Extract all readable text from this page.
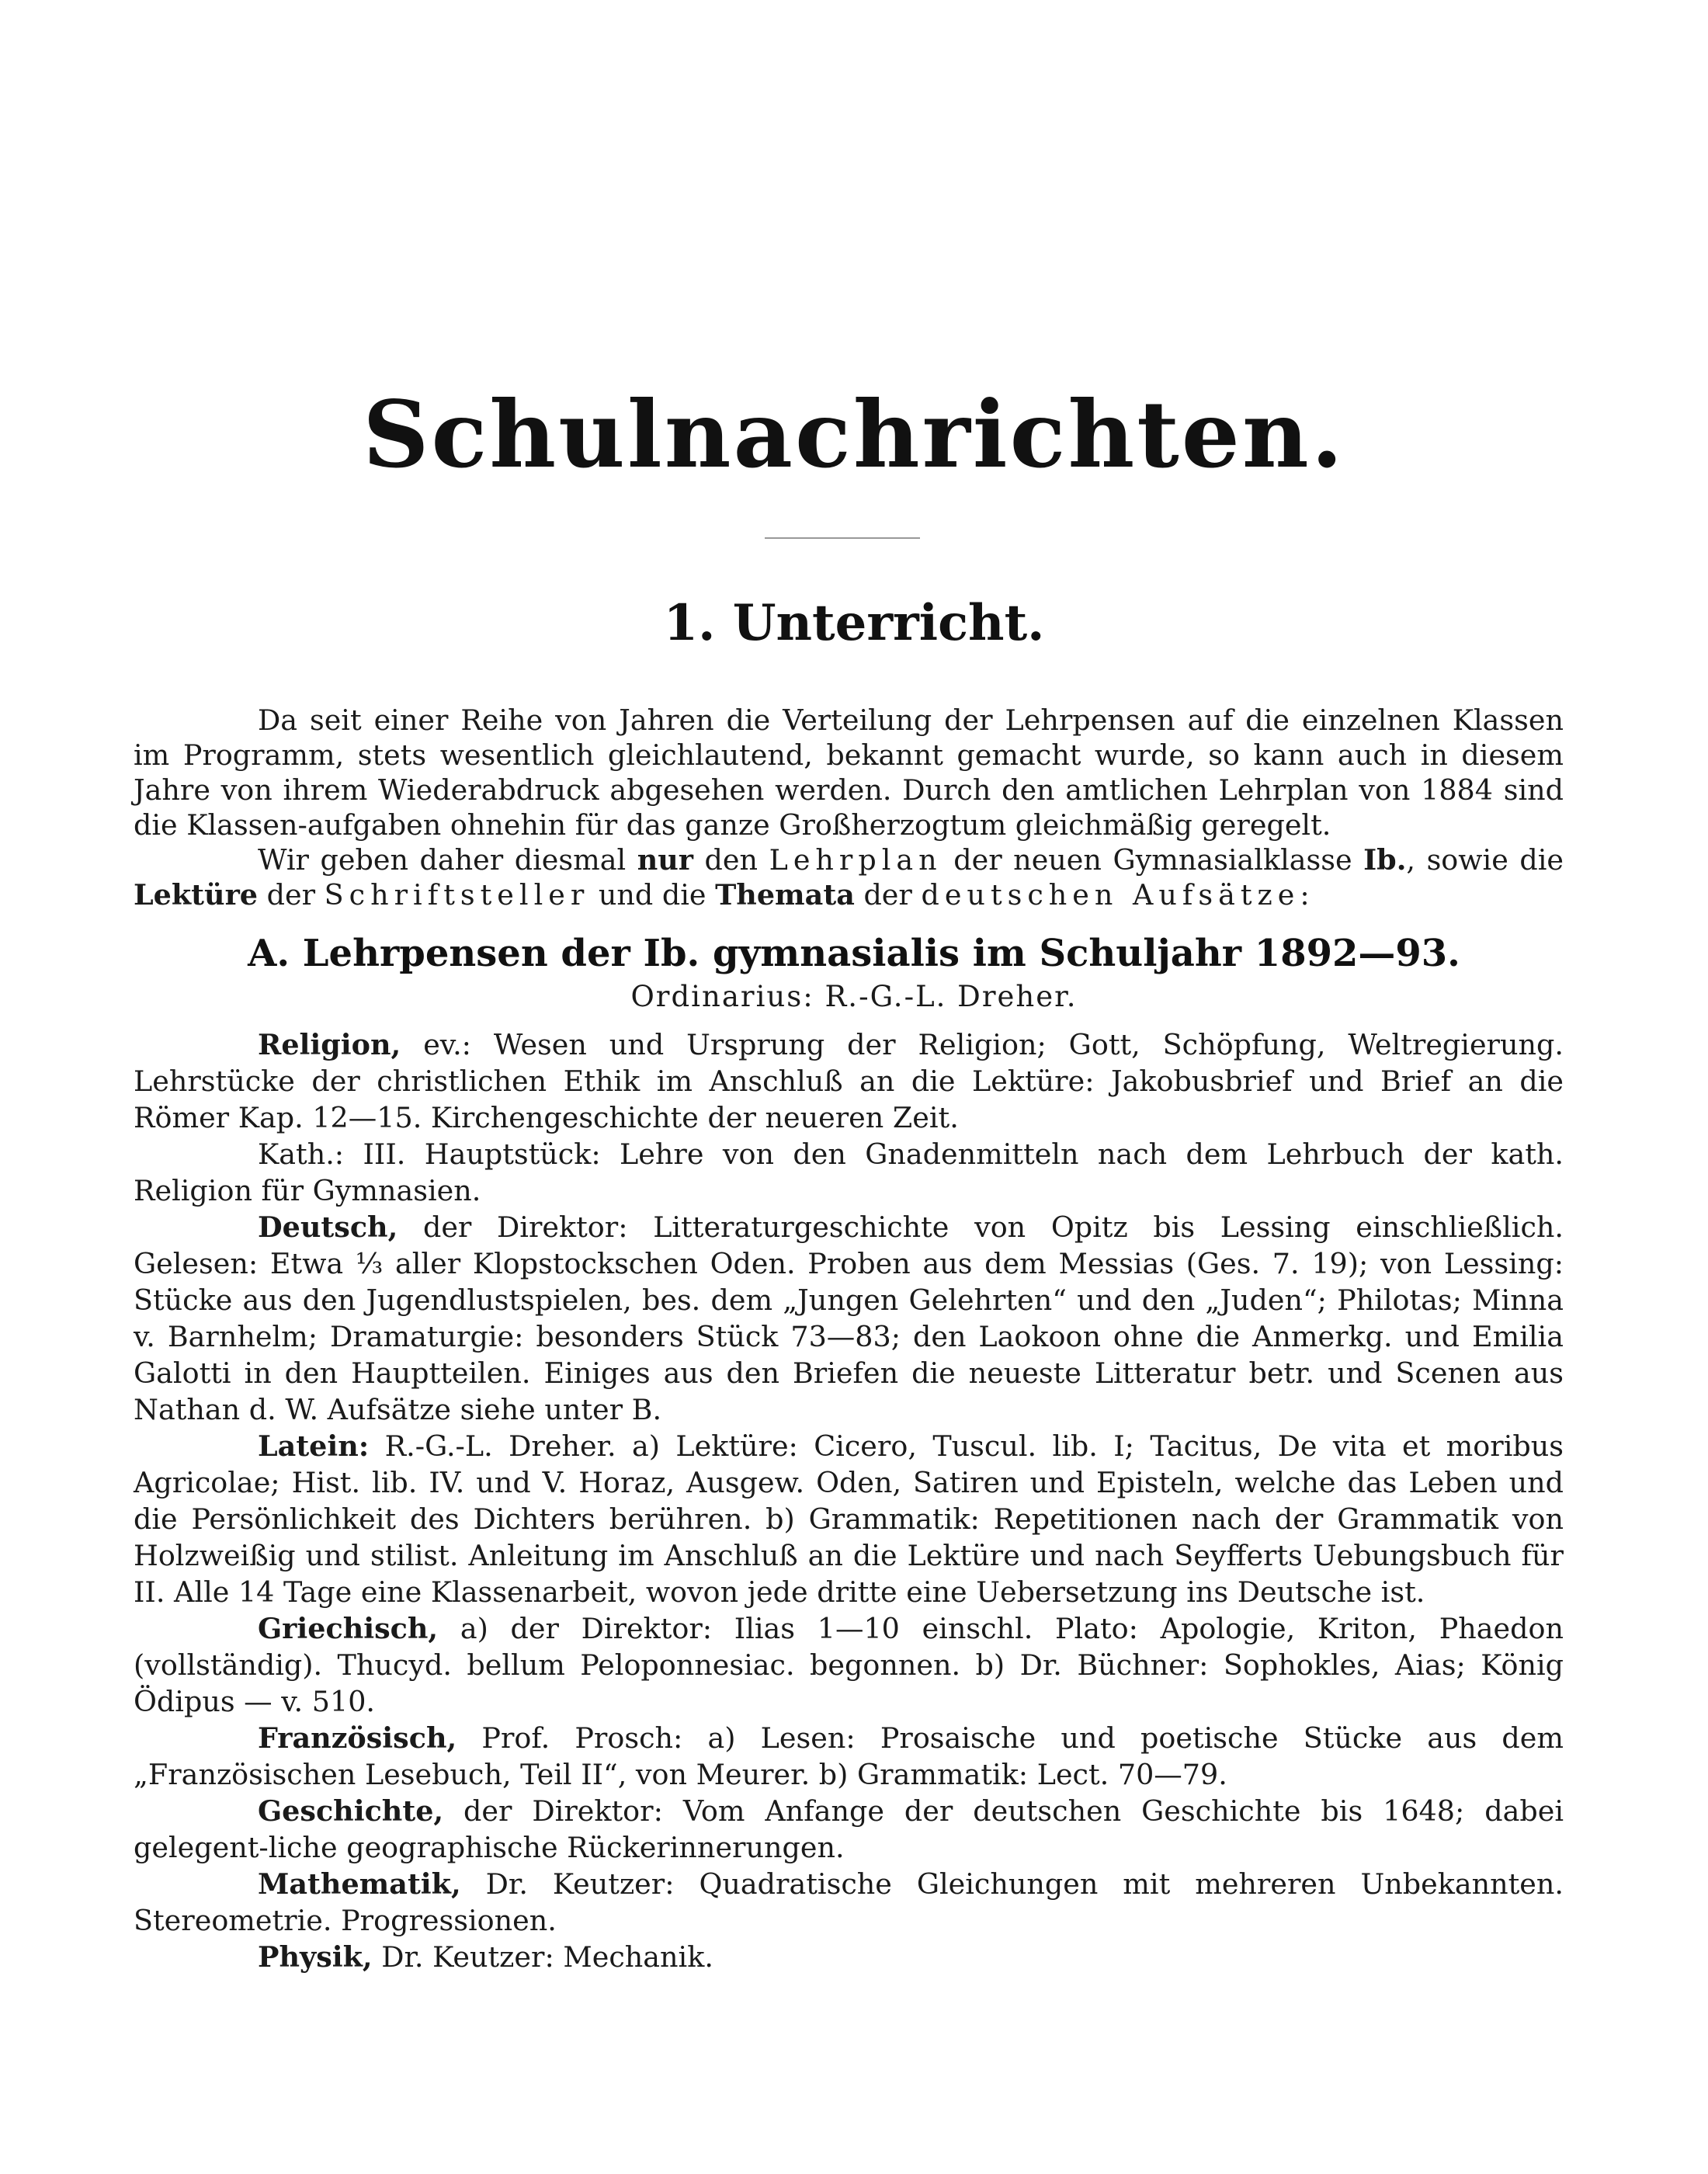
Schulnachrichten.
1. Unterricht.

Da seit einer Reihe von Jahren die Verteilung der Lehrpensen auf die einzelnen Klassen im Programm, stets wesentlich gleichlautend, bekannt gemacht wurde, so kann auch in diesem Jahre von ihrem Wiederabdruck abgesehen werden. Durch den amtlichen Lehrplan von 1884 sind die Klassen-aufgaben ohnehin für das ganze Großherzogtum gleichmäßig geregelt.

Wir geben daher diesmal nur den Lehrplan der neuen Gymnasialklasse Ib., sowie die Lektüre der Schriftsteller und die Themata der deutschen Aufsätze:

A. Lehrpensen der Ib. gymnasialis im Schuljahr 1892—93.
Ordinarius: R.-G.-L. Dreher.

Religion, ev.: Wesen und Ursprung der Religion; Gott, Schöpfung, Weltregierung. Lehrstücke der christlichen Ethik im Anschluß an die Lektüre: Jakobusbrief und Brief an die Römer Kap. 12—15. Kirchengeschichte der neueren Zeit.

Kath.: III. Hauptstück: Lehre von den Gnadenmitteln nach dem Lehrbuch der kath. Religion für Gymnasien.

Deutsch, der Direktor: Litteraturgeschichte von Opitz bis Lessing einschließlich. Gelesen: Etwa ⅓ aller Klopstockschen Oden. Proben aus dem Messias (Ges. 7. 19); von Lessing: Stücke aus den Jugendlustspielen, bes. dem „Jungen Gelehrten“ und den „Juden“; Philotas; Minna v. Barnhelm; Dramaturgie: besonders Stück 73—83; den Laokoon ohne die Anmerkg. und Emilia Galotti in den Hauptteilen. Einiges aus den Briefen die neueste Litteratur betr. und Scenen aus Nathan d. W. Aufsätze siehe unter B.

Latein: R.-G.-L. Dreher. a) Lektüre: Cicero, Tuscul. lib. I; Tacitus, De vita et moribus Agricolae; Hist. lib. IV. und V. Horaz, Ausgew. Oden, Satiren und Episteln, welche das Leben und die Persönlichkeit des Dichters berühren. b) Grammatik: Repetitionen nach der Grammatik von Holzweißig und stilist. Anleitung im Anschluß an die Lektüre und nach Seyfferts Uebungsbuch für II. Alle 14 Tage eine Klassenarbeit, wovon jede dritte eine Uebersetzung ins Deutsche ist.

Griechisch, a) der Direktor: Ilias 1—10 einschl. Plato: Apologie, Kriton, Phaedon (vollständig). Thucyd. bellum Peloponnesiac. begonnen. b) Dr. Büchner: Sophokles, Aias; König Ödipus — v. 510.

Französisch, Prof. Prosch: a) Lesen: Prosaische und poetische Stücke aus dem „Französischen Lesebuch, Teil II“, von Meurer. b) Grammatik: Lect. 70—79.

Geschichte, der Direktor: Vom Anfange der deutschen Geschichte bis 1648; dabei gelegent-liche geographische Rückerinnerungen.

Mathematik, Dr. Keutzer: Quadratische Gleichungen mit mehreren Unbekannten. Stereometrie. Progressionen.

Physik, Dr. Keutzer: Mechanik.
